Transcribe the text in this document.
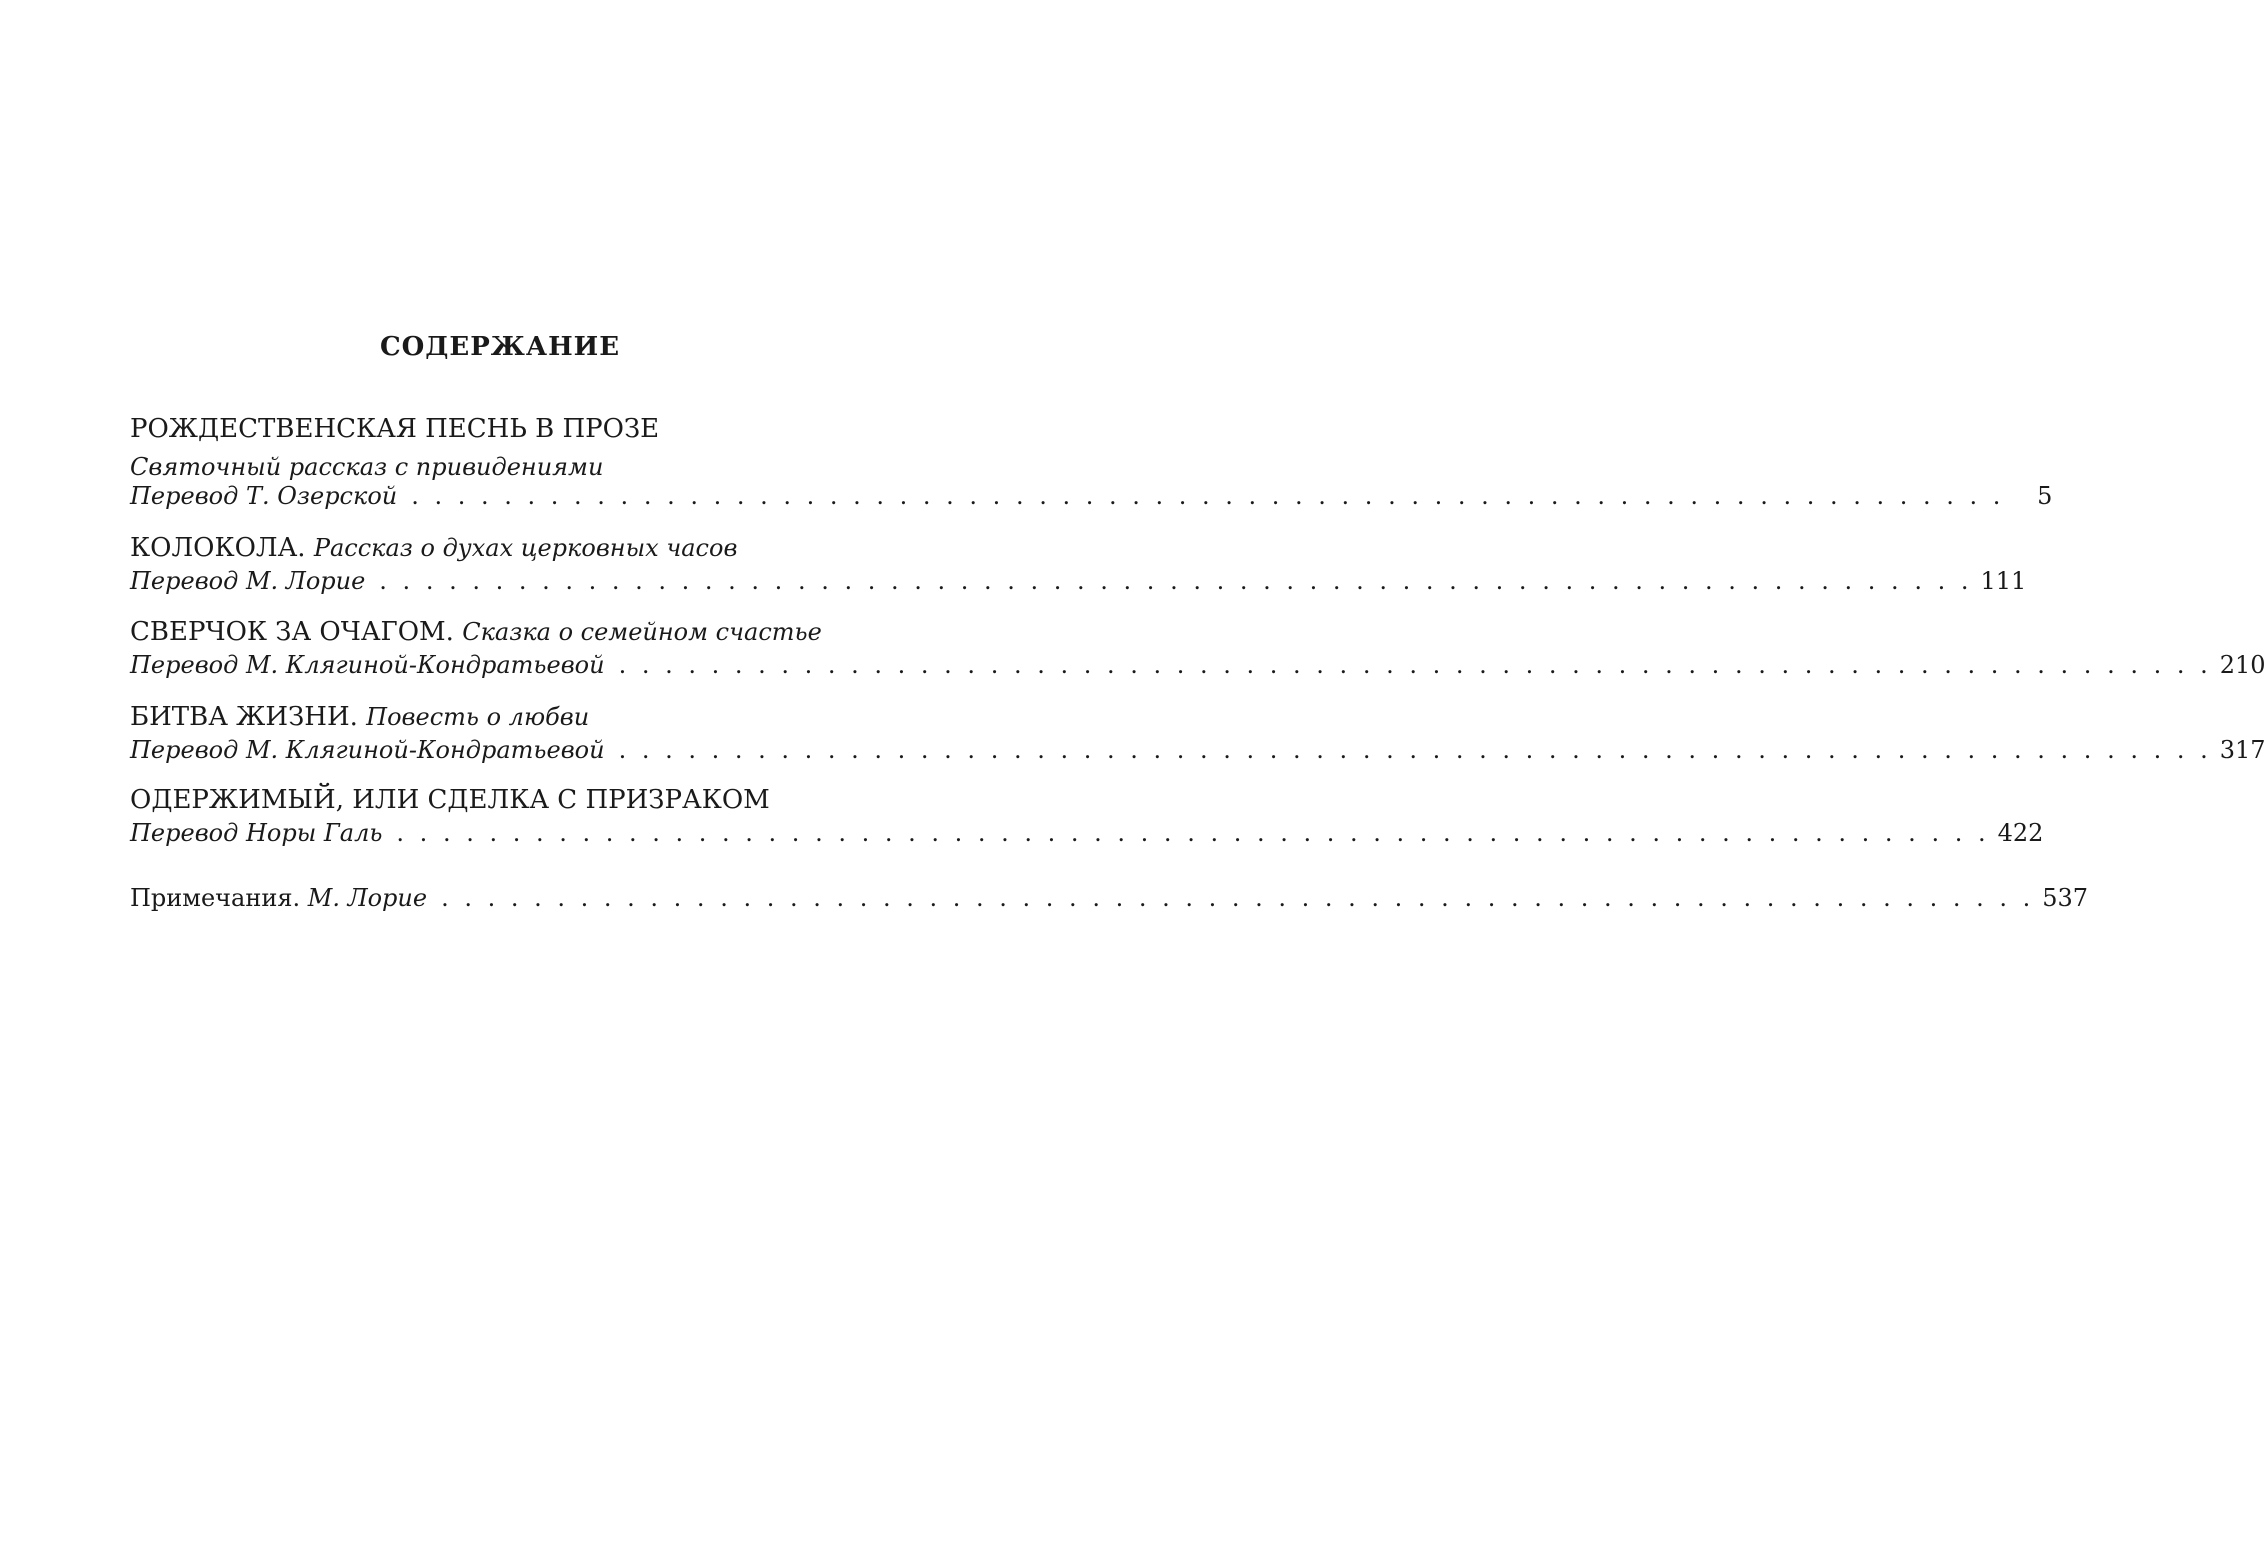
СОДЕРЖАНИЕ
РОЖДЕСТВЕНСКАЯ ПЕСНЬ В ПРОЗЕ
Святочный рассказ с привидениями
Перевод Т. Озерской . . . . . . . . . . . . . . . . . . . . . . . . . . . . . . . . . . . . . . . . . . . . . . . . . . . . . . . . . . . . . . . . . . . . .	5
КОЛОКОЛА. Рассказ о духах церковных часов
Перевод М. Лорие . . . . . . . . . . . . . . . . . . . . . . . . . . . . . . . . . . . . . . . . . . . . . . . . . . . . . . . . . . . . . . . . . . . . . 111
СВЕРЧОК ЗА ОЧАГОМ. Сказка о семейном счастье
Перевод М. Клягиной-Кондратьевой . . . . . . . . . . . . . . . . . . . . . . . . . . . . . . . . . . . . . . . . . . . . . . . . . . . . . . . . . . . . . . . . . . . . . 210
БИТВА ЖИЗНИ. Повесть о любви
Перевод М. Клягиной-Кондратьевой . . . . . . . . . . . . . . . . . . . . . . . . . . . . . . . . . . . . . . . . . . . . . . . . . . . . . . . . . . . . . . . . . . . . . 317
ОДЕРЖИМЫЙ, ИЛИ СДЕЛКА С ПРИЗРАКОМ
Перевод Норы Галь . . . . . . . . . . . . . . . . . . . . . . . . . . . . . . . . . . . . . . . . . . . . . . . . . . . . . . . . . . . . . . . . . . . . . 422
Примечания. М. Лорие . . . . . . . . . . . . . . . . . . . . . . . . . . . . . . . . . . . . . . . . . . . . . . . . . . . . . . . . . . . . . . . . . . . . . 537
